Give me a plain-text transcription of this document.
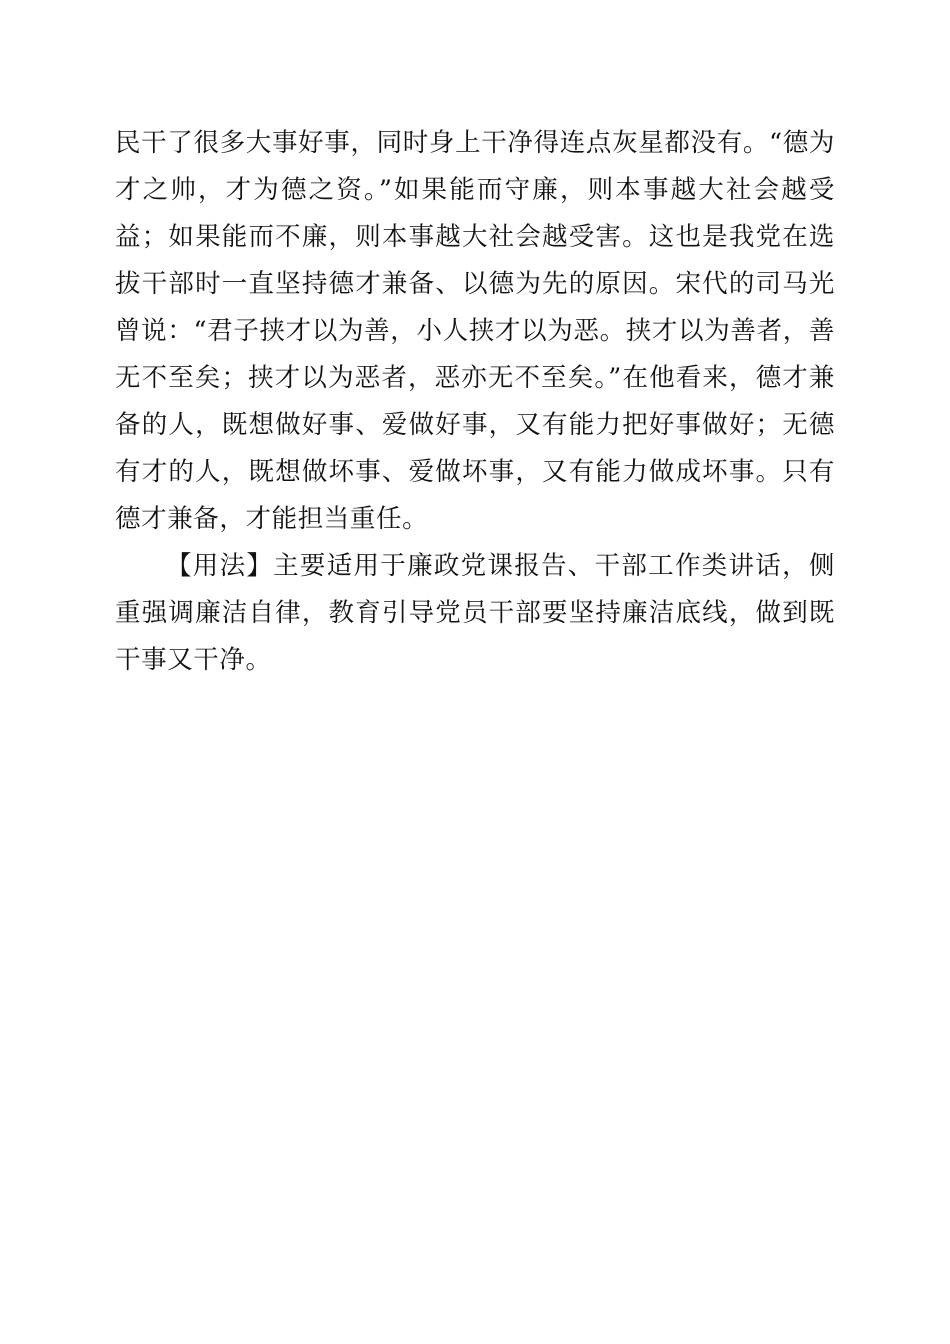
民干了很多大事好事，同时身上干净得连点灰星都没有。“德为才之帅，才为德之资。”如果能而守廉，则本事越大社会越受益；如果能而不廉，则本事越大社会越受害。这也是我党在选拔干部时一直坚持德才兼备、以德为先的原因。宋代的司马光曾说：“君子挟才以为善，小人挟才以为恶。挟才以为善者，善无不至矣；挟才以为恶者，恶亦无不至矣。”在他看来，德才兼备的人，既想做好事、爱做好事，又有能力把好事做好；无德有才的人，既想做坏事、爱做坏事，又有能力做成坏事。只有德才兼备，才能担当重任。

【用法】主要适用于廉政党课报告、干部工作类讲话，侧重强调廉洁自律，教育引导党员干部要坚持廉洁底线，做到既干事又干净。
